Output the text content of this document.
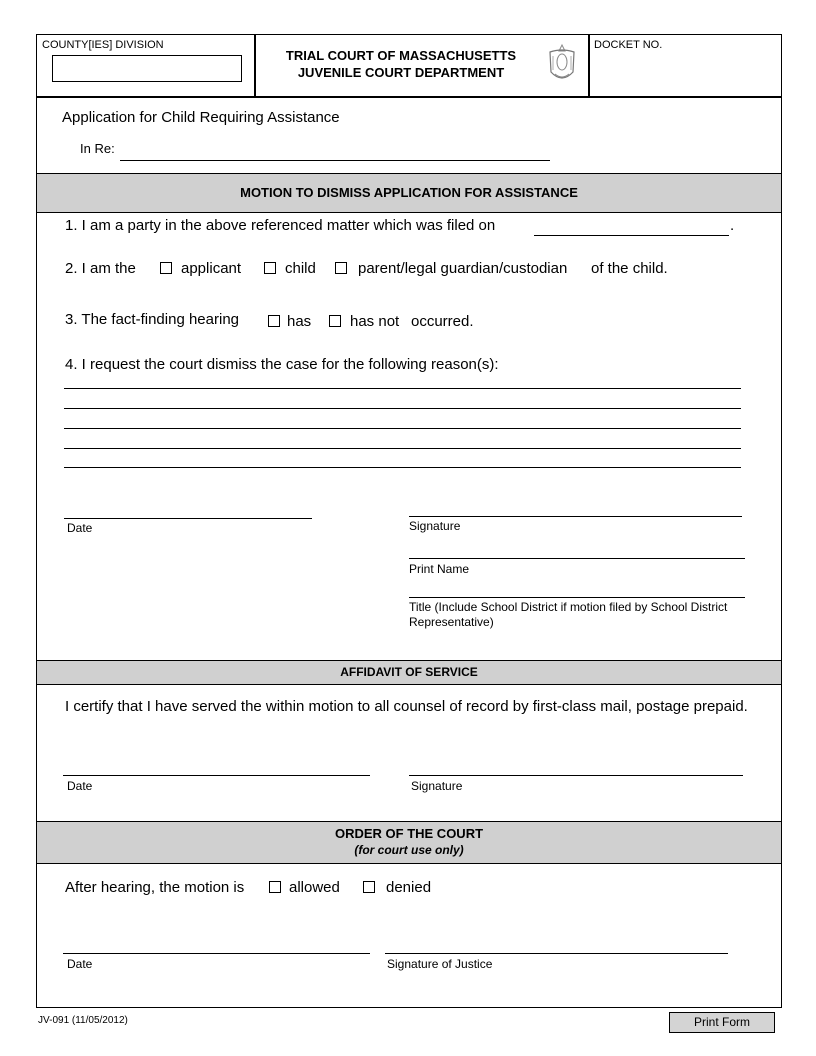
COUNTY[IES] DIVISION
TRIAL COURT OF MASSACHUSETTS
JUVENILE COURT DEPARTMENT
DOCKET NO.
Application for Child Requiring Assistance
In Re:
MOTION TO DISMISS APPLICATION FOR ASSISTANCE
1. I am a party in the above referenced matter which was filed on	.
2. I am the	applicant	child	parent/legal guardian/custodian of the child.
3. The fact-finding hearing	has	has not occurred.
4. I request the court dismiss the case for the following reason(s):
Date	Signature
Print Name
Title (Include School District if motion filed by School District Representative)
AFFIDAVIT OF SERVICE
I certify that I have served the within motion to all counsel of record by first-class mail, postage prepaid.
Date	Signature
ORDER OF THE COURT
(for court use only)
After hearing, the motion is	allowed	denied
Date	Signature of Justice
JV-091 (11/05/2012)	Print Form
